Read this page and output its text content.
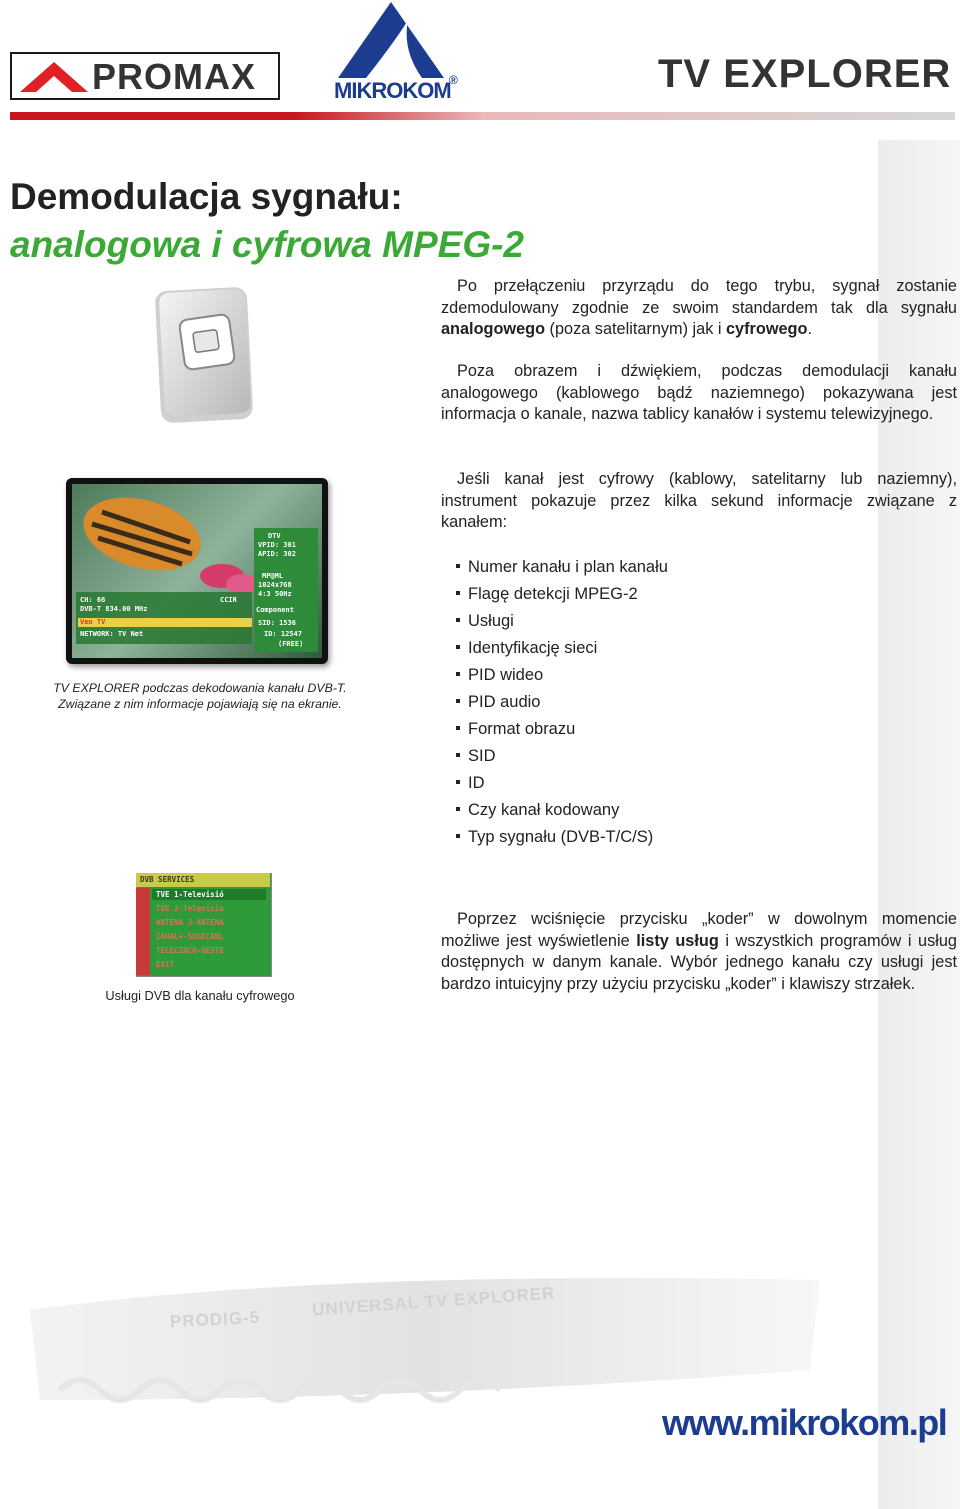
PROMAX	MIKROKOM
®	TV EXPLORER
Demodulacja sygnału:
analogowa i cyfrowa MPEG-2
Po przełączeniu przyrządu do tego trybu, sygnał zostanie zdemodulowany zgodnie ze swoim standardem tak dla sygnału analogowego (poza satelitarnym) jak i cyfrowego.
Poza obrazem i dźwiękiem, podczas demodulacji kanału analogowego (kablowego bądź naziemnego) pokazywana jest informacja o kanale, nazwa tablicy kanałów i systemu telewizyjnego.
Jeśli kanał jest cyfrowy (kablowy, satelitarny lub naziemny), instrument pokazuje przez kilka sekund informacje związane z kanałem:
Numer kanału i plan kanału
Flagę detekcji MPEG-2
Usługi
Identyfikację sieci
PID wideo
PID audio
Format obrazu
SID
ID
Czy kanał kodowany
Typ sygnału (DVB-T/C/S)
DTV
VPID: 301
APID: 302
MP@ML
1024x768
4:3 50Hz
Component
CH: 66
DVB-T 834.00 MHz
CCIR
Veo TV	SID: 1536
NETWORK: TV Net	ID: 12547
(FREE)
TV EXPLORER podczas dekodowania kanału DVB-T. Związane z nim informacje pojawiają się na ekranie.
DVB SERVICES
TVE 1-Televisió
TVE 2-Televisio
ANTENA 3-ANTENA
CANAL+-SOGECABL
TELECINCO-GESTE
EXIT
Usługi DVB dla kanału cyfrowego
Poprzez wciśnięcie przycisku „koder” w dowolnym momencie możliwe jest wyświetlenie listy usług i wszystkich programów i usług dostępnych w danym kanale. Wybór jednego kanału czy usługi jest bardzo intuicyjny przy użyciu przycisku „koder” i klawiszy strzałek.
PRODIG-5
UNIVERSAL TV EXPLORER
www.mikrokom.pl
